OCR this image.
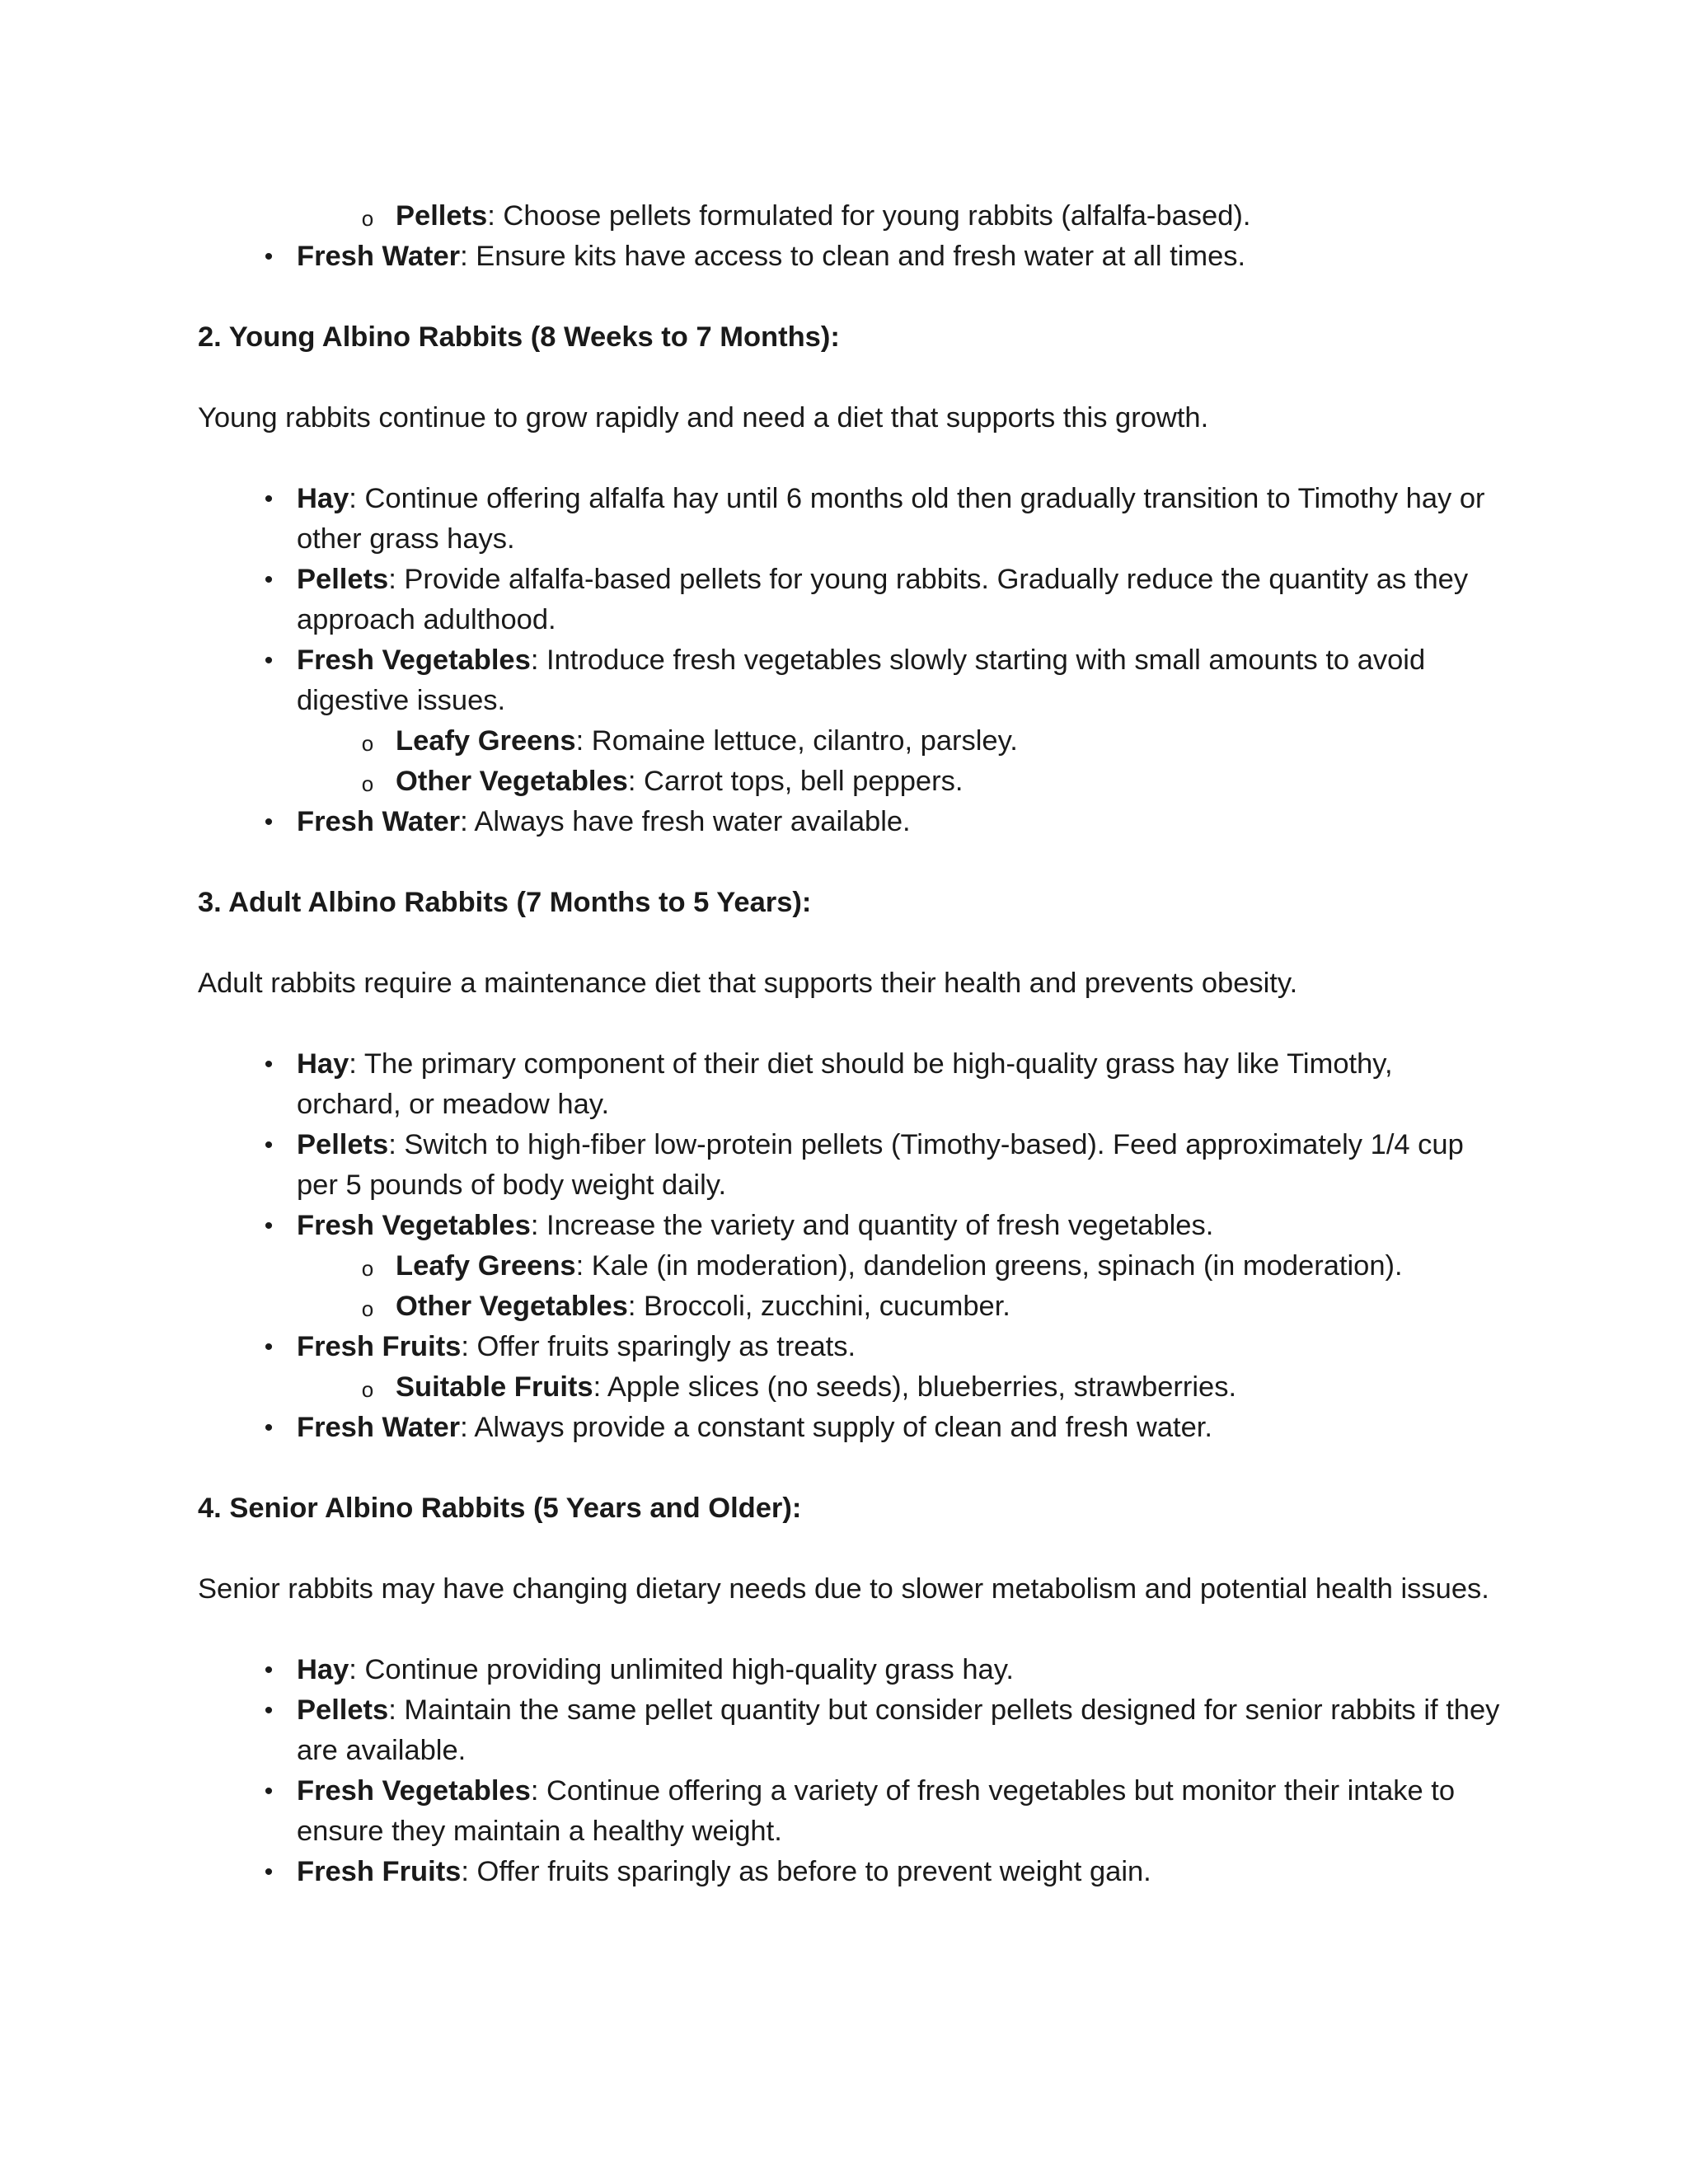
o Pellets: Choose pellets formulated for young rabbits (alfalfa-based).
• Fresh Water: Ensure kits have access to clean and fresh water at all times.

2. Young Albino Rabbits (8 Weeks to 7 Months):

Young rabbits continue to grow rapidly and need a diet that supports this growth.

• Hay: Continue offering alfalfa hay until 6 months old then gradually transition to Timothy hay or other grass hays.
• Pellets: Provide alfalfa-based pellets for young rabbits. Gradually reduce the quantity as they approach adulthood.
• Fresh Vegetables: Introduce fresh vegetables slowly starting with small amounts to avoid digestive issues.
o Leafy Greens: Romaine lettuce, cilantro, parsley.
o Other Vegetables: Carrot tops, bell peppers.
• Fresh Water: Always have fresh water available.

3. Adult Albino Rabbits (7 Months to 5 Years):

Adult rabbits require a maintenance diet that supports their health and prevents obesity.

• Hay: The primary component of their diet should be high-quality grass hay like Timothy, orchard, or meadow hay.
• Pellets: Switch to high-fiber low-protein pellets (Timothy-based). Feed approximately 1/4 cup per 5 pounds of body weight daily.
• Fresh Vegetables: Increase the variety and quantity of fresh vegetables.
o Leafy Greens: Kale (in moderation), dandelion greens, spinach (in moderation).
o Other Vegetables: Broccoli, zucchini, cucumber.
• Fresh Fruits: Offer fruits sparingly as treats.
o Suitable Fruits: Apple slices (no seeds), blueberries, strawberries.
• Fresh Water: Always provide a constant supply of clean and fresh water.

4. Senior Albino Rabbits (5 Years and Older):

Senior rabbits may have changing dietary needs due to slower metabolism and potential health issues.

• Hay: Continue providing unlimited high-quality grass hay.
• Pellets: Maintain the same pellet quantity but consider pellets designed for senior rabbits if they are available.
• Fresh Vegetables: Continue offering a variety of fresh vegetables but monitor their intake to ensure they maintain a healthy weight.
• Fresh Fruits: Offer fruits sparingly as before to prevent weight gain.
